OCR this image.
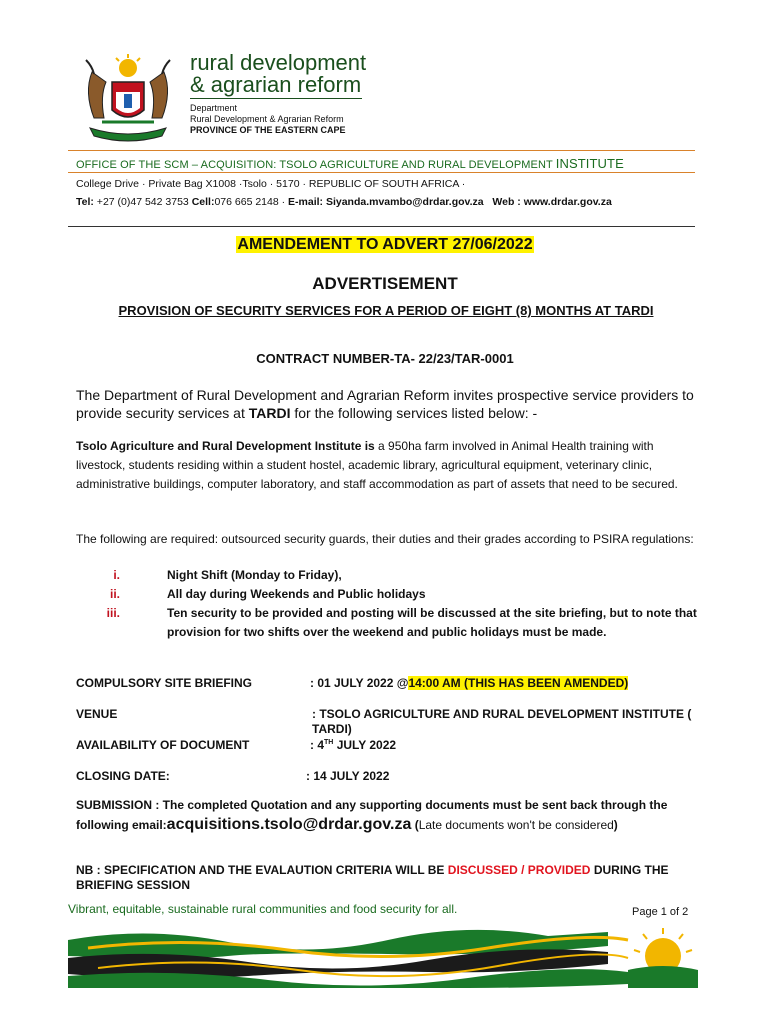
rural development
& agrarian reform
Department
Rural Development & Agrarian Reform
PROVINCE OF THE EASTERN CAPE
OFFICE OF THE SCM – ACQUISITION: TSOLO AGRICULTURE AND RURAL DEVELOPMENT INSTITUTE
College Drive · Private Bag X1008 ·Tsolo · 5170 · REPUBLIC OF SOUTH AFRICA ·
Tel: +27 (0)47 542 3753 Cell:076 665 2148 · E-mail: Siyanda.mvambo@drdar.gov.za Web : www.drdar.gov.za
AMENDEMENT TO ADVERT 27/06/2022
ADVERTISEMENT
PROVISION OF SECURITY SERVICES FOR A PERIOD OF EIGHT (8) MONTHS AT TARDI
CONTRACT NUMBER-TA- 22/23/TAR-0001
The Department of Rural Development and Agrarian Reform invites prospective service providers to provide security services at TARDI for the following services listed below: -
Tsolo Agriculture and Rural Development Institute is a 950ha farm involved in Animal Health training with livestock, students residing within a student hostel, academic library, agricultural equipment, veterinary clinic, administrative buildings, computer laboratory, and staff accommodation as part of assets that need to be secured.
The following are required: outsourced security guards, their duties and their grades according to PSIRA regulations:
i.	Night Shift (Monday to Friday),
ii.	All day during Weekends and Public holidays
iii.	Ten security to be provided and posting will be discussed at the site briefing, but to note that provision for two shifts over the weekend and public holidays must be made.
COMPULSORY SITE BRIEFING	: 01 JULY 2022 @14:00 AM (THIS HAS BEEN AMENDED)
VENUE	: TSOLO AGRICULTURE AND RURAL DEVELOPMENT INSTITUTE ( TARDI)
AVAILABILITY OF DOCUMENT	: 4TH JULY 2022
CLOSING DATE:	: 14 JULY 2022
SUBMISSION : The completed Quotation and any supporting documents must be sent back through the following email:acquisitions.tsolo@drdar.gov.za (Late documents won't be considered)
NB : SPECIFICATION AND THE EVALAUTION CRITERIA WILL BE DISCUSSED / PROVIDED DURING THE BRIEFING SESSION
Vibrant, equitable, sustainable rural communities and food security for all.	Page 1 of 2
